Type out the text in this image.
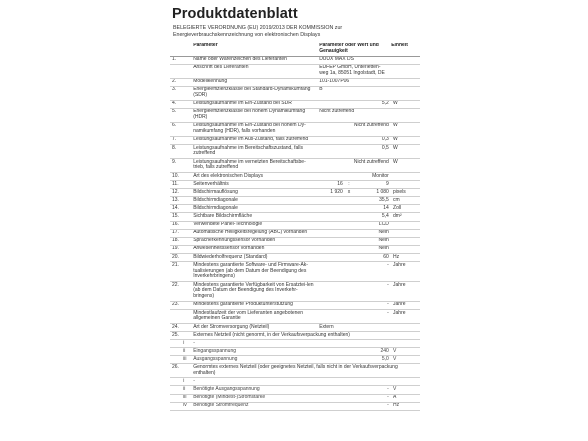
Produktdatenblatt
BELEGIERTE VERORDNUNG (EU) 2019/2013 DER KOMMISSION zur Energieverbrauchskennzeichnung von elektronischen Displays
		Parameter	Parameter oder Wert und Genauigkeit			Einheit
1.		Name oder Warenzeichen des Lieferanten	DUUX MAX DS			
		Anschrift des Lieferanten	EUFEP GmbH, Unterletten-weg 1a, 85051 Ingolstadt, DE			
2.		Modellkennung	101-1007P06			
3.		Energieeffizienzklasse bei Standard-Dynamikumfang (SDR)	B			
4.		Leistungsaufnahme im Ein-Zustand bei SDR	5,2			W
5.		Energieeffizienzklasse bei hohem Dynamikumfang (HDR)	Nicht zutreffend			
6.		Leistungsaufnahme im Ein-Zustand bei hohem Dy-namikumfang (HDR), falls vorhanden	Nicht zutreffend			W
7.		Leistungsaufnahme im Aus-Zustand, falls zutreffend	0,3			W
8.		Leistungsaufnahme im Bereitschaftszustand, falls zutreffend	0,5			W
9.		Leistungsaufnahme im vernetzten Bereitschaftsbe-trieb, falls zutreffend	Nicht zutreffend			W
10.		Art des elektronischen Displays	Monitor			
11.		Seitenverhältnis	16	:	9	
12.		Bildschirmauflösung	1 920	x	1 080	pixels
13.		Bildschirmdiagonale	35,5			cm
14.		Bildschirmdiagonale	14			Zoll
15.		Sichtbare Bildschirmfläche	5,4			dm²
16.		Verwendete Panel-Technologie	LCD			
17.		Automatische Helligkeitsregelung (ABC) vorhanden	Nein			
18.		Spracherkennungssensor vorhanden	Nein			
19.		Anwesenheitssensor vorhanden	Nein			
20.		Bildwiederholfrequenz (Standard)	60			Hz
21.		Mindestens garantierte Software- und Firmware-Ak-tualisierungen (ab dem Datum der Beendigung des Inverkehrbringens)	-			Jahre
22.		Mindestens garantierte Verfügbarkeit von Ersatztei-len (ab dem Datum der Beendigung des Inverkehr-bringens)	-			Jahre
23.		Mindestens garantierte Produktunterstützung	-			Jahre
		Mindestlaufzeit der vom Lieferanten angebotenen allgemeinen Garantie	-			Jahre
24.		Art der Stromversorgung (Netzteil)	Extern			
25.		Externes Netzteil (nicht genormt, in der Verkaufsverpackung enthalten)				
	i	-				
	ii	Eingangsspannung	240			V
	iii	Ausgangsspannung	5,0			V
26.		Genormtes externes Netzteil (oder geeignetes Netzteil, falls nicht in der Verkaufsverpackung enthalten)				
	i	-				
	ii	Benötigte Ausgangsspannung	-			V
	iii	Benötigte (Mindest-)Stromstärke	-			A
	iv	Benötigte Stromfrequenz	-			Hz
